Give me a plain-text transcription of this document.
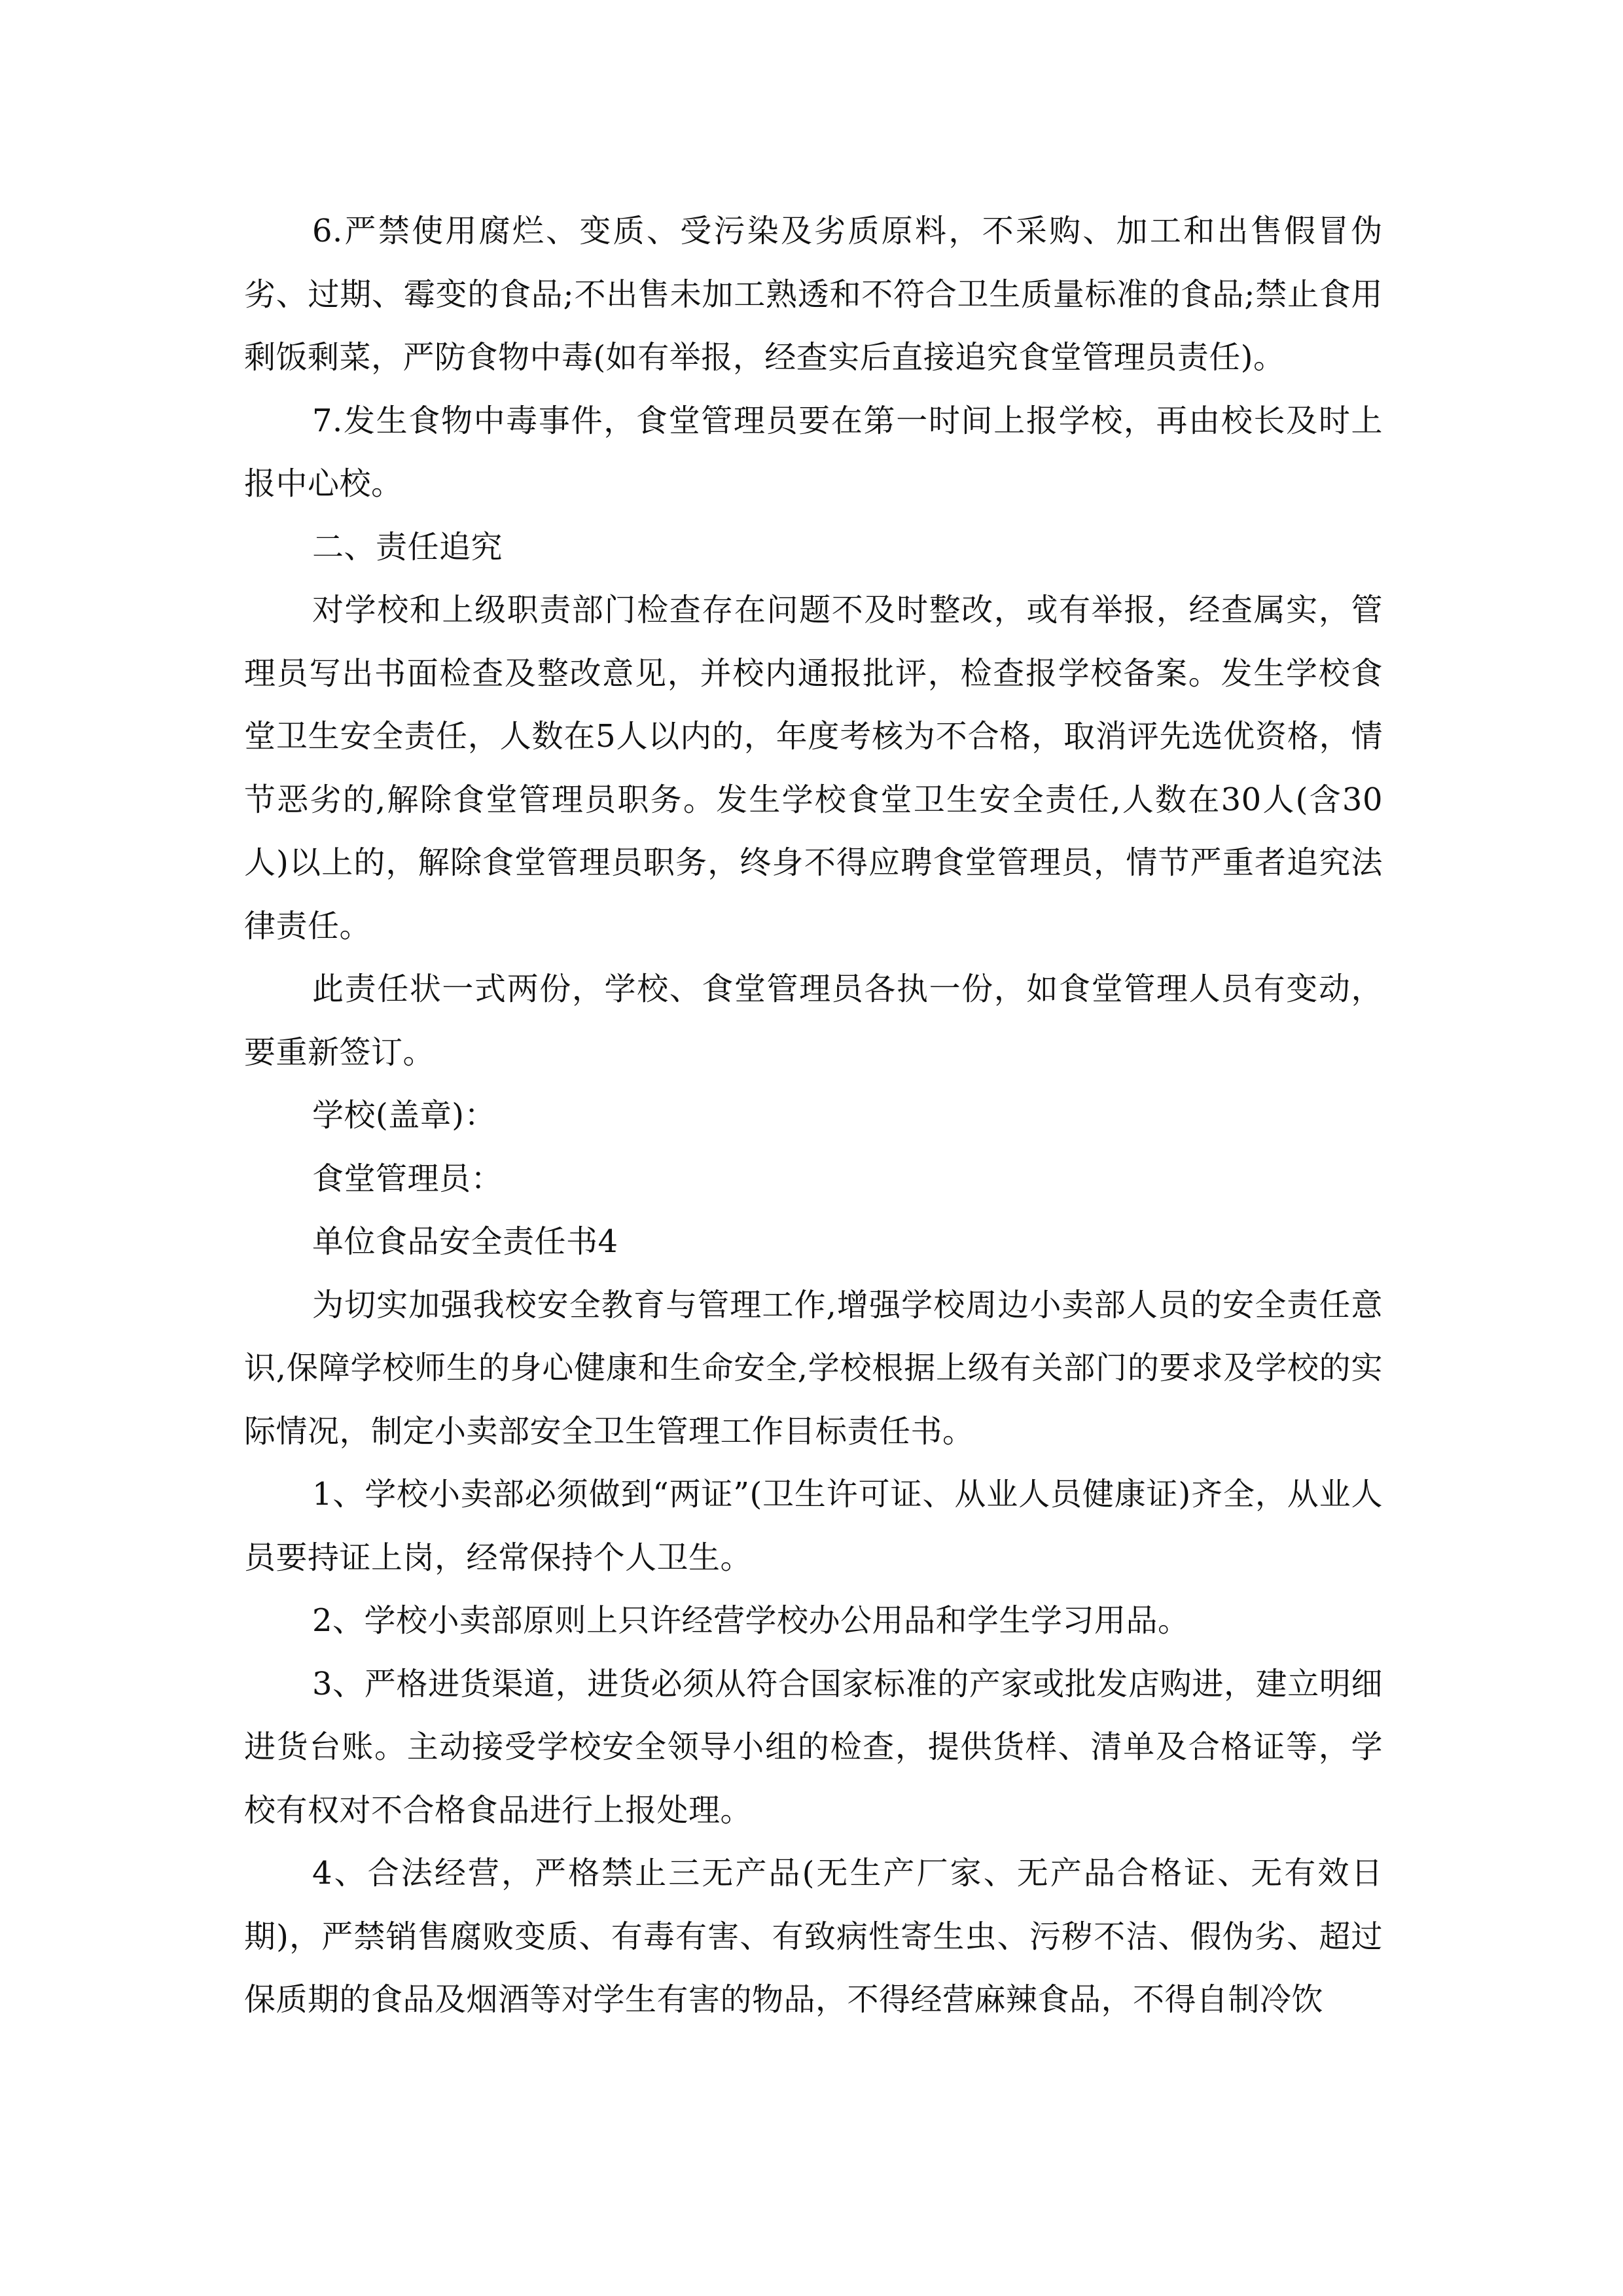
6.严禁使用腐烂、变质、受污染及劣质原料，不采购、加工和出售假冒伪劣、过期、霉变的食品;不出售未加工熟透和不符合卫生质量标准的食品;禁止食用剩饭剩菜，严防食物中毒(如有举报，经查实后直接追究食堂管理员责任)。

7.发生食物中毒事件，食堂管理员要在第一时间上报学校，再由校长及时上报中心校。

二、责任追究

对学校和上级职责部门检查存在问题不及时整改，或有举报，经查属实，管理员写出书面检查及整改意见，并校内通报批评，检查报学校备案。发生学校食堂卫生安全责任，人数在5人以内的，年度考核为不合格，取消评先选优资格，情节恶劣的,解除食堂管理员职务。发生学校食堂卫生安全责任,人数在30人(含30人)以上的，解除食堂管理员职务，终身不得应聘食堂管理员，情节严重者追究法律责任。

此责任状一式两份，学校、食堂管理员各执一份，如食堂管理人员有变动，要重新签订。

学校(盖章)：

食堂管理员：

单位食品安全责任书4

为切实加强我校安全教育与管理工作,增强学校周边小卖部人员的安全责任意识,保障学校师生的身心健康和生命安全,学校根据上级有关部门的要求及学校的实际情况，制定小卖部安全卫生管理工作目标责任书。

1、学校小卖部必须做到“两证”(卫生许可证、从业人员健康证)齐全，从业人员要持证上岗，经常保持个人卫生。

2、学校小卖部原则上只许经营学校办公用品和学生学习用品。

3、严格进货渠道，进货必须从符合国家标准的产家或批发店购进，建立明细进货台账。主动接受学校安全领导小组的检查，提供货样、清单及合格证等，学校有权对不合格食品进行上报处理。

4、合法经营，严格禁止三无产品(无生产厂家、无产品合格证、无有效日期)，严禁销售腐败变质、有毒有害、有致病性寄生虫、污秽不洁、假伪劣、超过保质期的食品及烟酒等对学生有害的物品，不得经营麻辣食品，不得自制冷饮
